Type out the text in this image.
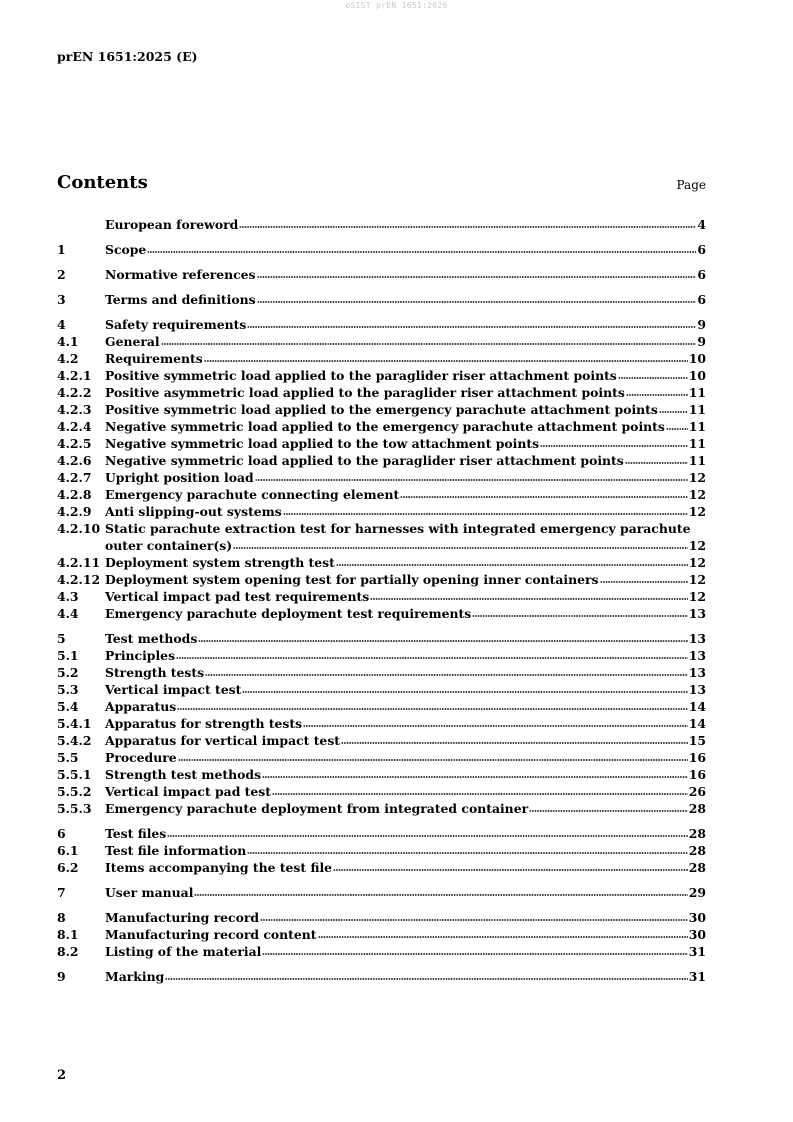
oSIST prEN 1651:2026
prEN 1651:2025 (E)
Contents	Page
European foreword	4
1	Scope	6
2	Normative references	6
3	Terms and definitions	6
4	Safety requirements	9
4.1	General	9
4.2	Requirements	10
4.2.1	Positive symmetric load applied to the paraglider riser attachment points	10
4.2.2	Positive asymmetric load applied to the paraglider riser attachment points	11
4.2.3	Positive symmetric load applied to the emergency parachute attachment points 11
4.2.4	Negative symmetric load applied to the emergency parachute attachment points 11
4.2.5	Negative symmetric load applied to the tow attachment points	11
4.2.6	Negative symmetric load applied to the paraglider riser attachment points	11
4.2.7	Upright position load	12
4.2.8	Emergency parachute connecting element	12
4.2.9	Anti slipping-out systems	12
4.2.10 Static parachute extraction test for harnesses with integrated emergency parachute
outer container(s)	12
4.2.11 Deployment system strength test	12
4.2.12 Deployment system opening test for partially opening inner containers	12
4.3	Vertical impact pad test requirements	12
4.4	Emergency parachute deployment test requirements	13
5	Test methods	13
5.1	Principles	13
5.2	Strength tests	13
5.3	Vertical impact test	13
5.4	Apparatus	14
5.4.1	Apparatus for strength tests	14
5.4.2	Apparatus for vertical impact test	15
5.5	Procedure	16
5.5.1	Strength test methods	16
5.5.2	Vertical impact pad test	26
5.5.3	Emergency parachute deployment from integrated container	28
6	Test files	28
6.1	Test file information	28
6.2	Items accompanying the test file	28
7	User manual	29
8	Manufacturing record	30
8.1	Manufacturing record content	30
8.2	Listing of the material	31
9	Marking	31
2
